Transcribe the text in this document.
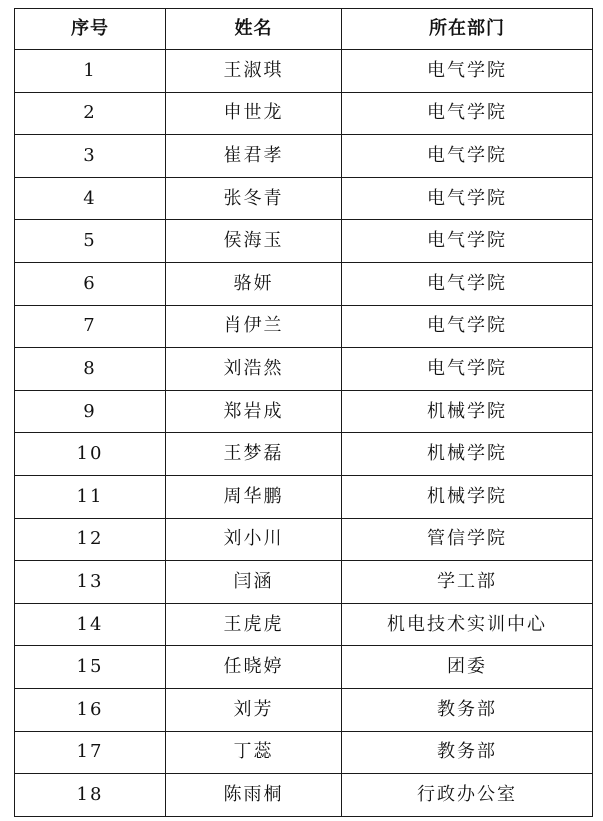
序号	姓名	所在部门
1	王淑琪	电气学院
2	申世龙	电气学院
3	崔君孝	电气学院
4	张冬青	电气学院
5	侯海玉	电气学院
6	骆妍	电气学院
7	肖伊兰	电气学院
8	刘浩然	电气学院
9	郑岩成	机械学院
10	王梦磊	机械学院
11	周华鹏	机械学院
12	刘小川	管信学院
13	闫涵	学工部
14	王虎虎	机电技术实训中心
15	任晓婷	团委
16	刘芳	教务部
17	丁蕊	教务部
18	陈雨桐	行政办公室
